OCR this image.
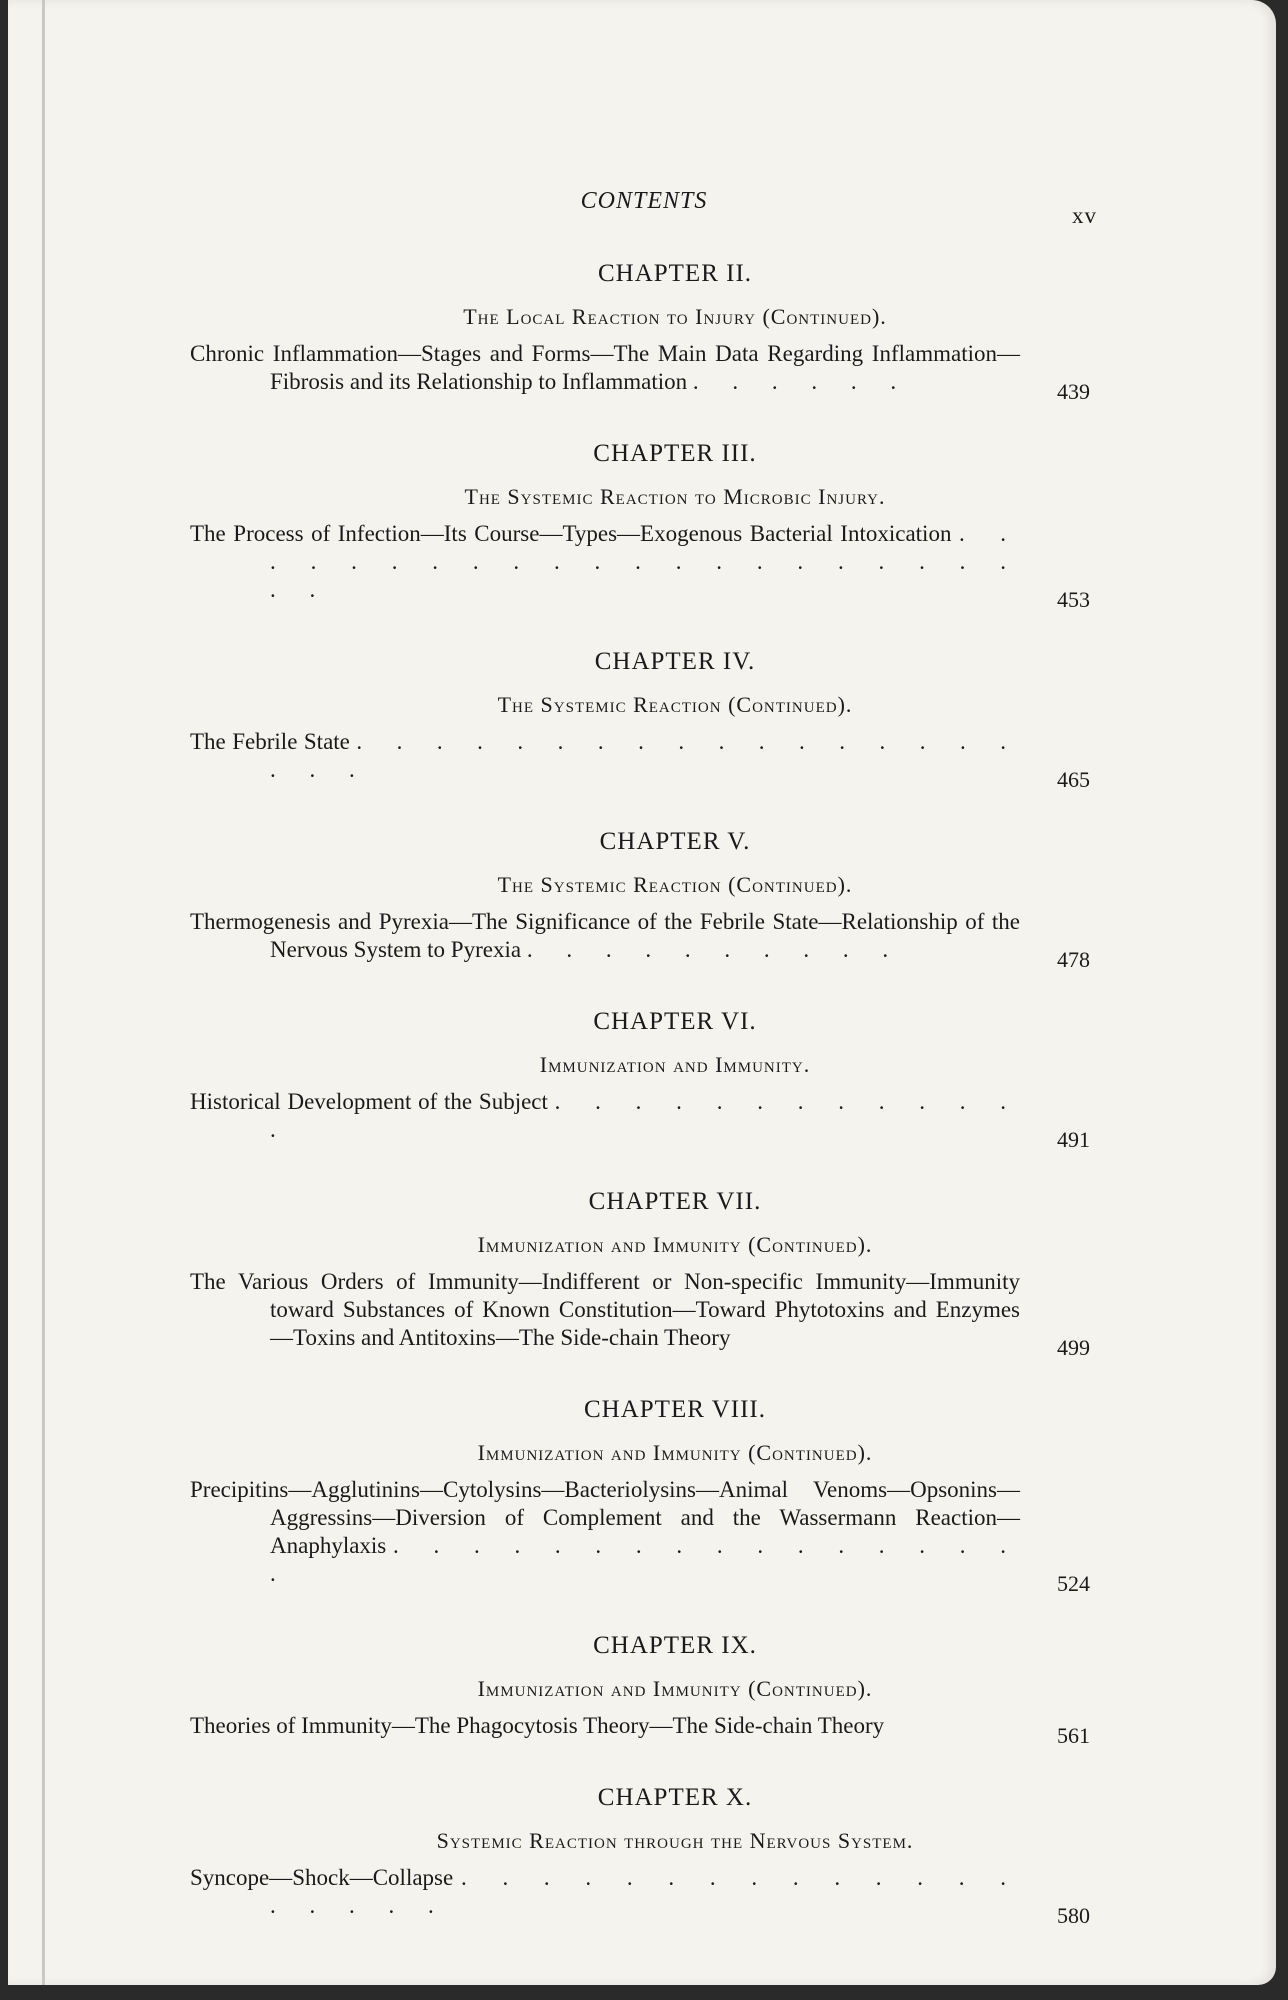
CONTENTS
xv
CHAPTER II.
The Local Reaction to Injury (Continued).
Chronic Inflammation—Stages and Forms—The Main Data Regarding Inflammation—Fibrosis and its Relationship to Inflammation . . . . . .	439
CHAPTER III.
The Systemic Reaction to Microbic Injury.
The Process of Infection—Its Course—Types—Exogenous Bacterial Intoxication . . . . . . . . . . . . . . . . . . . . . . .	453
CHAPTER IV.
The Systemic Reaction (Continued).
The Febrile State . . . . . . . . . . . . . . . . . . . .	465
CHAPTER V.
The Systemic Reaction (Continued).
Thermogenesis and Pyrexia—The Significance of the Febrile State—Relationship of the Nervous System to Pyrexia . . . . . . . . . .	478
CHAPTER VI.
Immunization and Immunity.
Historical Development of the Subject . . . . . . . . . . . . .	491
CHAPTER VII.
Immunization and Immunity (Continued).
The Various Orders of Immunity—Indifferent or Non-specific Immunity—Immunity toward Substances of Known Constitution—Toward Phytotoxins and Enzymes—Toxins and Antitoxins—The Side-chain Theory	499
CHAPTER VIII.
Immunization and Immunity (Continued).
Precipitins—Agglutinins—Cytolysins—Bacteriolysins—Animal Venoms—Opsonins—Aggressins—Diversion of Complement and the Wassermann Reaction—Anaphylaxis . . . . . . . . . . . . . . . . .	524
CHAPTER IX.
Immunization and Immunity (Continued).
Theories of Immunity—The Phagocytosis Theory—The Side-chain Theory	561
CHAPTER X.
Systemic Reaction through the Nervous System.
Syncope—Shock—Collapse . . . . . . . . . . . . . . . . . . .	580
